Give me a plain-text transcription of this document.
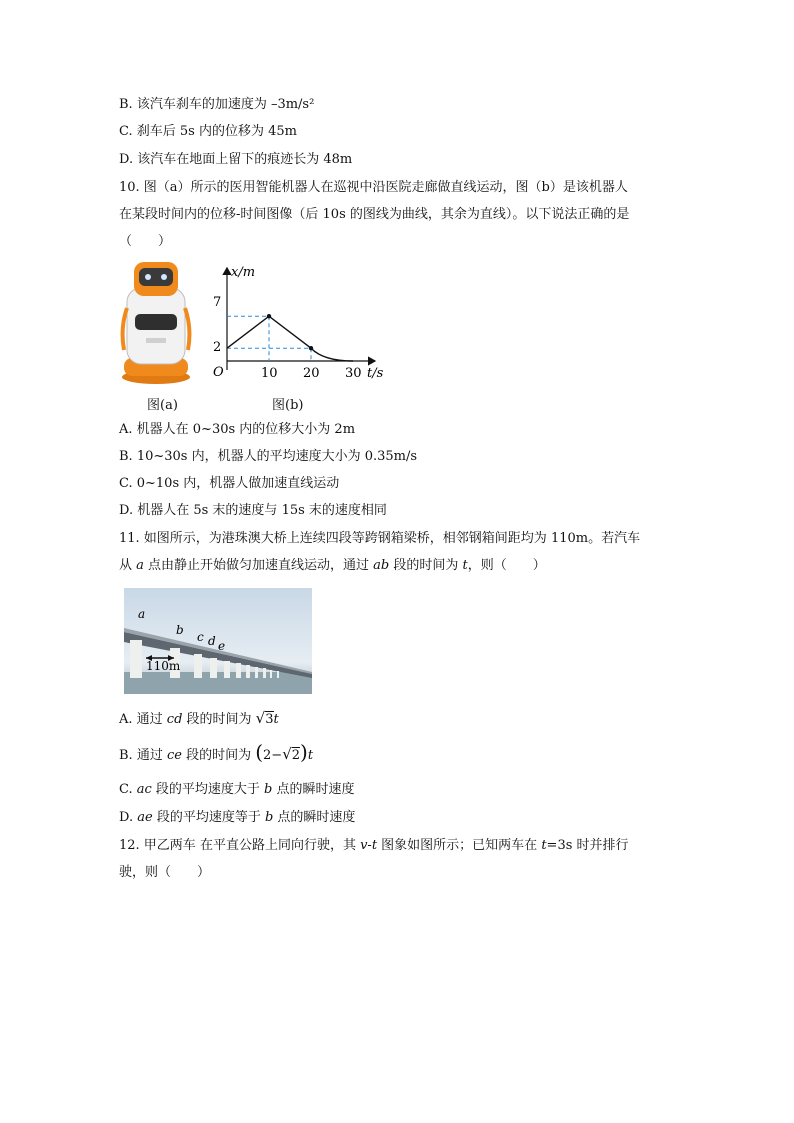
B. 该汽车刹车的加速度为 –3m/s²
C. 刹车后 5s 内的位移为 45m
D. 该汽车在地面上留下的痕迹长为 48m
10. 图（a）所示的医用智能机器人在巡视中沿医院走廊做直线运动，图（b）是该机器人
在某段时间内的位移-时间图像（后 10s 的图线为曲线，其余为直线）。以下说法正确的是
（　　）
x/m
t/s
O
7
2
10 20 30
图(a)	图(b)
A. 机器人在 0~30s 内的位移大小为 2m
B. 10~30s 内，机器人的平均速度大小为 0.35m/s
C. 0~10s 内，机器人做加速直线运动
D. 机器人在 5s 末的速度与 15s 末的速度相同
11. 如图所示，为港珠澳大桥上连续四段等跨钢箱梁桥，相邻钢箱间距均为 110m。若汽车
从 a 点由静止开始做匀加速直线运动，通过 ab 段的时间为 t，则（　　）
a
b c d e
110m
A. 通过 cd 段的时间为 √3t
B. 通过 ce 段的时间为 (2−√2)t
C. ac 段的平均速度大于 b 点的瞬时速度
D. ae 段的平均速度等于 b 点的瞬时速度
12. 甲乙两车 在平直公路上同向行驶，其 v-t 图象如图所示；已知两车在 t=3s 时并排行
驶，则（　　）
